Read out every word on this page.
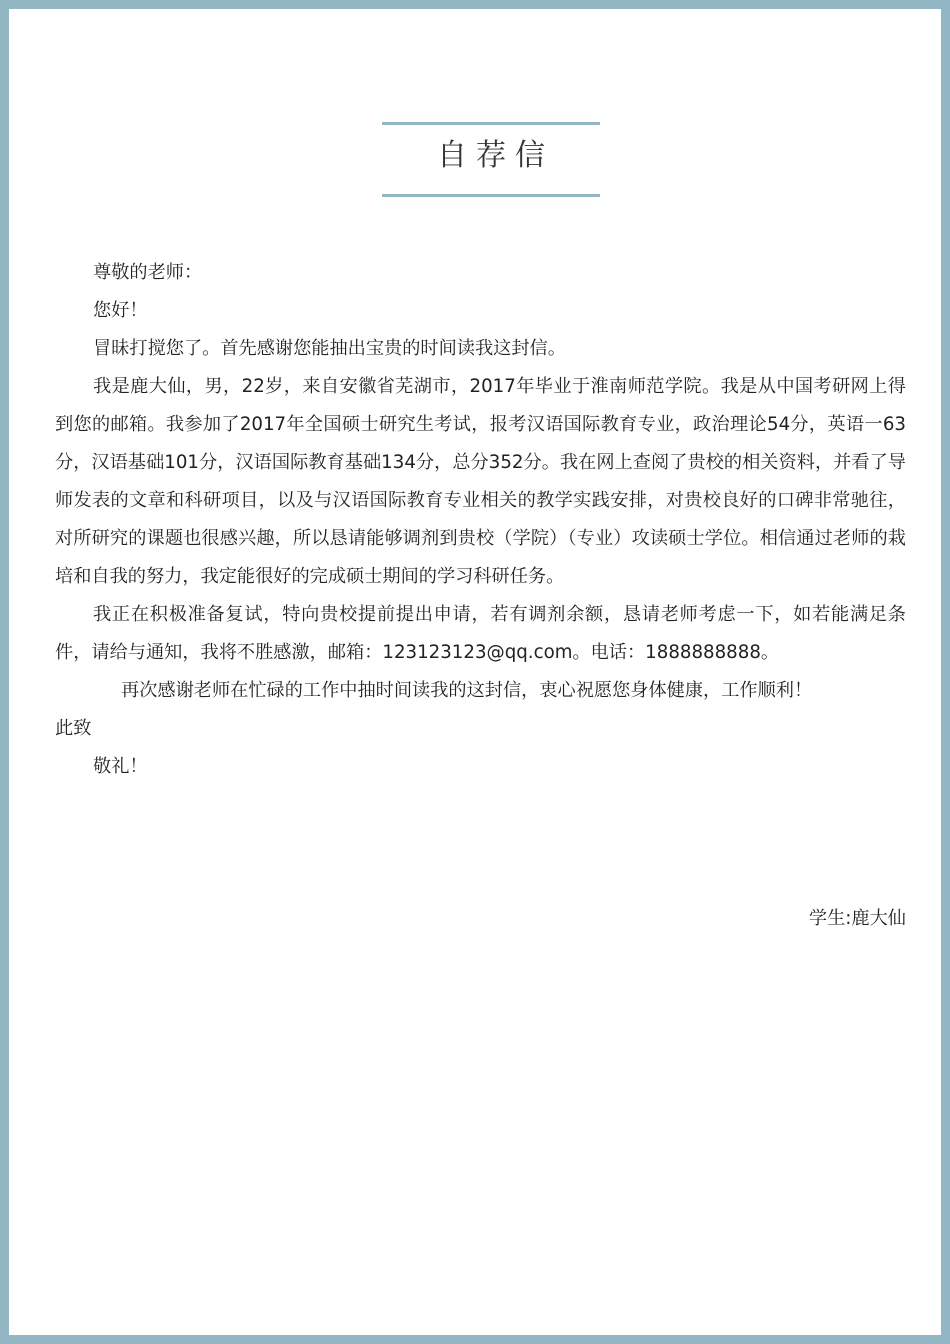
自荐信

尊敬的老师：

您好！

冒昧打搅您了。首先感谢您能抽出宝贵的时间读我这封信。

我是鹿大仙，男，22岁，来自安徽省芜湖市，2017年毕业于淮南师范学院。我是从中国考研网上得到您的邮箱。我参加了2017年全国硕士研究生考试，报考汉语国际教育专业，政治理论54分，英语一63分，汉语基础101分，汉语国际教育基础134分，总分352分。我在网上查阅了贵校的相关资料，并看了导师发表的文章和科研项目，以及与汉语国际教育专业相关的教学实践安排，对贵校良好的口碑非常驰往，对所研究的课题也很感兴趣，所以恳请能够调剂到贵校（学院）（专业）攻读硕士学位。相信通过老师的栽培和自我的努力，我定能很好的完成硕士期间的学习科研任务。

我正在积极准备复试，特向贵校提前提出申请，若有调剂余额，恳请老师考虑一下，如若能满足条件，请给与通知，我将不胜感激，邮箱：123123123@qq.com。电话：1888888888。

再次感谢老师在忙碌的工作中抽时间读我的这封信，衷心祝愿您身体健康，工作顺利！

此致

敬礼！

学生:鹿大仙
